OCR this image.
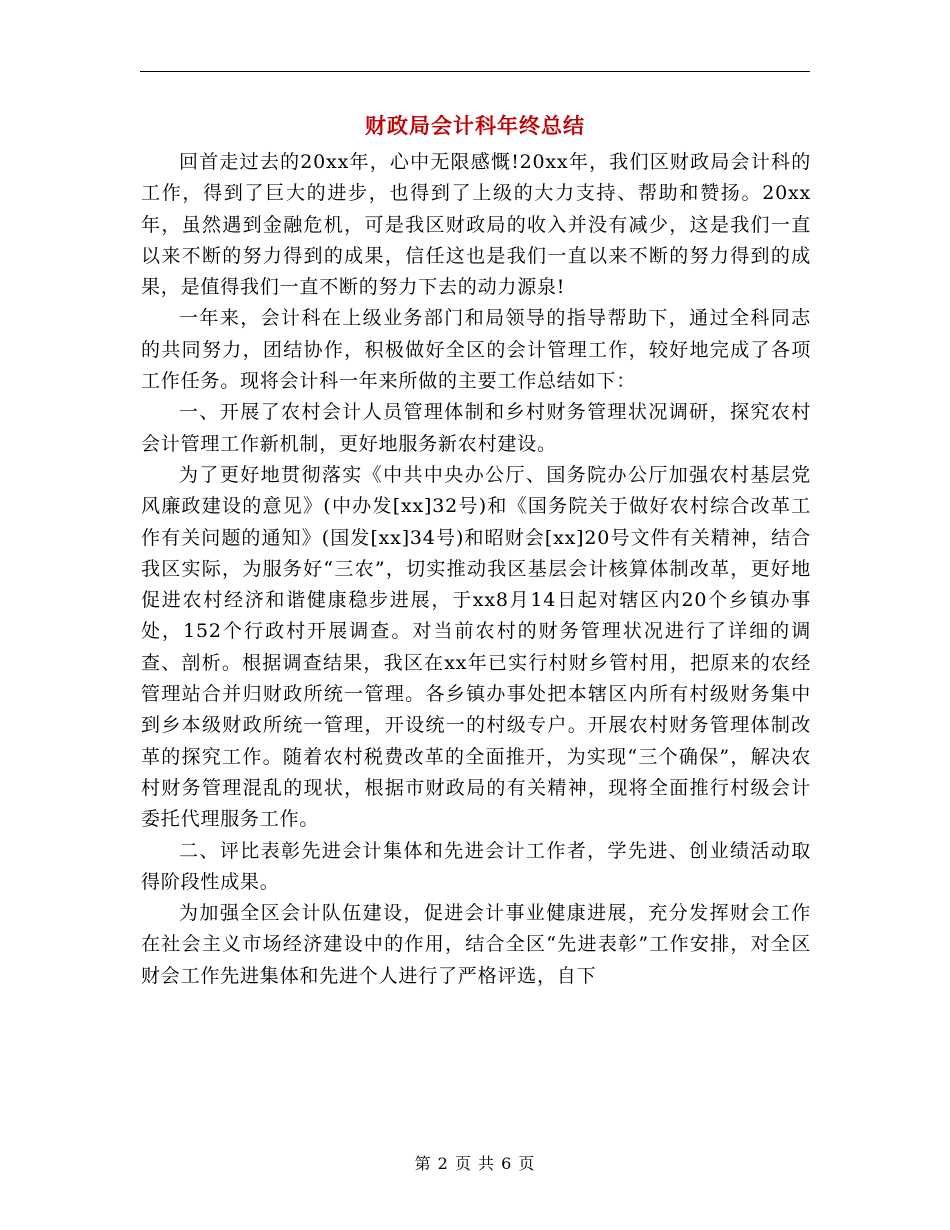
财政局会计科年终总结

回首走过去的20xx年，心中无限感慨!20xx年，我们区财政局会计科的工作，得到了巨大的进步，也得到了上级的大力支持、帮助和赞扬。20xx 年，虽然遇到金融危机，可是我区财政局的收入并没有减少，这是我们一直以来不断的努力得到的成果，信任这也是我们一直以来不断的努力得到的成果，是值得我们一直不断的努力下去的动力源泉!

一年来，会计科在上级业务部门和局领导的指导帮助下，通过全科同志的共同努力，团结协作，积极做好全区的会计管理工作，较好地完成了各项工作任务。现将会计科一年来所做的主要工作总结如下：

一、开展了农村会计人员管理体制和乡村财务管理状况调研，探究农村会计管理工作新机制，更好地服务新农村建设。

为了更好地贯彻落实《中共中央办公厅、国务院办公厅加强农村基层党风廉政建设的意见》(中办发[xx]32号)和《国务院关于做好农村综合改革工作有关问题的通知》(国发[xx]34号)和昭财会[xx]20号文件有关精神，结合我区实际，为服务好“三农”，切实推动我区基层会计核算体制改革，更好地促进农村经济和谐健康稳步进展，于xx8月14日起对辖区内20个乡镇办事处，152个行政村开展调查。对当前农村的财务管理状况进行了详细的调查、剖析。根据调查结果，我区在xx年已实行村财乡管村用，把原来的农经管理站合并归财政所统一管理。各乡镇办事处把本辖区内所有村级财务集中到乡本级财政所统一管理，开设统一的村级专户。开展农村财务管理体制改革的探究工作。随着农村税费改革的全面推开，为实现“三个确保”，解决农村财务管理混乱的现状，根据市财政局的有关精神，现将全面推行村级会计委托代理服务工作。

二、评比表彰先进会计集体和先进会计工作者，学先进、创业绩活动取得阶段性成果。

为加强全区会计队伍建设，促进会计事业健康进展，充分发挥财会工作在社会主义市场经济建设中的作用，结合全区“先进表彰”工作安排，对全区财会工作先进集体和先进个人进行了严格评选，自下

第 2 页 共 6 页
